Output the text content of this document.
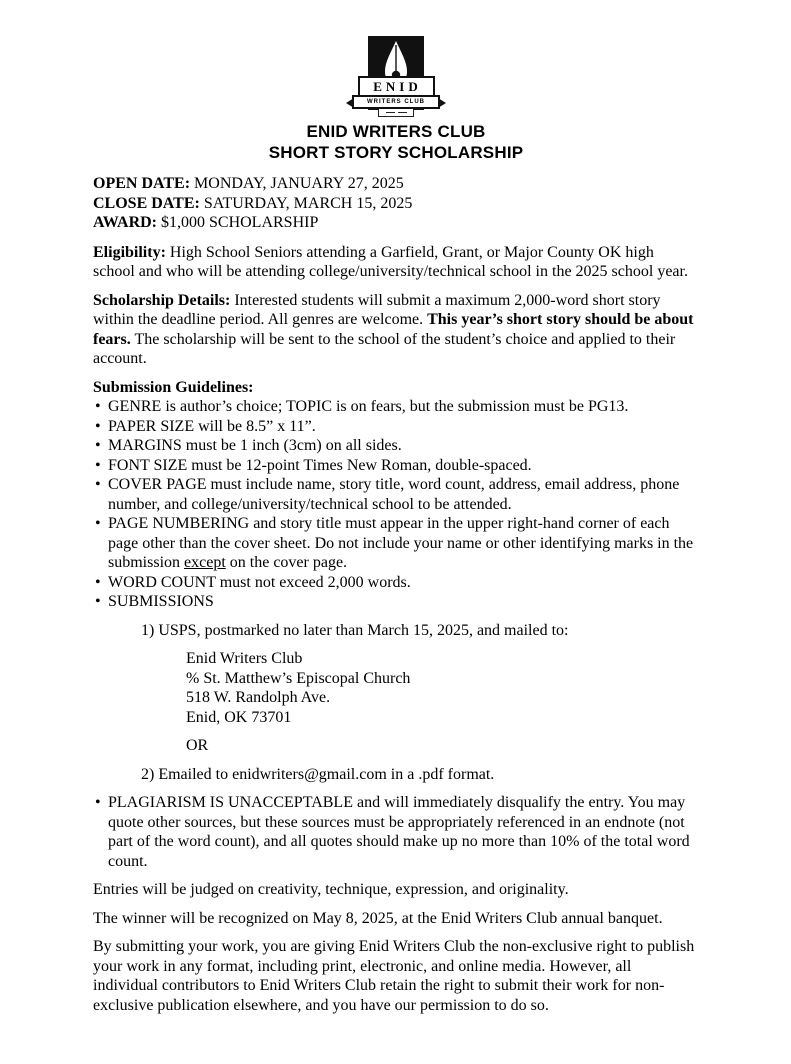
ENID
WRITERS CLUB
ENID WRITERS CLUB
SHORT STORY SCHOLARSHIP

OPEN DATE: MONDAY, JANUARY 27, 2025

CLOSE DATE: SATURDAY, MARCH 15, 2025

AWARD: $1,000 SCHOLARSHIP

Eligibility: High School Seniors attending a Garfield, Grant, or Major County OK high school and who will be attending college/university/technical school in the 2025 school year.

Scholarship Details: Interested students will submit a maximum 2,000-word short story within the deadline period. All genres are welcome. This year’s short story should be about fears. The scholarship will be sent to the school of the student’s choice and applied to their account.

Submission Guidelines:

• GENRE is author’s choice; TOPIC is on fears, but the submission must be PG13.
• PAPER SIZE will be 8.5” x 11”.
• MARGINS must be 1 inch (3cm) on all sides.
• FONT SIZE must be 12-point Times New Roman, double-spaced.
• COVER PAGE must include name, story title, word count, address, email address, phone number, and college/university/technical school to be attended.
• PAGE NUMBERING and story title must appear in the upper right-hand corner of each page other than the cover sheet. Do not include your name or other identifying marks in the submission except on the cover page.
• WORD COUNT must not exceed 2,000 words.
• SUBMISSIONS

1) USPS, postmarked no later than March 15, 2025, and mailed to:

Enid Writers Club
% St. Matthew’s Episcopal Church
518 W. Randolph Ave.
Enid, OK 73701

OR

2) Emailed to enidwriters@gmail.com in a .pdf format.

• PLAGIARISM IS UNACCEPTABLE and will immediately disqualify the entry. You may quote other sources, but these sources must be appropriately referenced in an endnote (not part of the word count), and all quotes should make up no more than 10% of the total word count.

Entries will be judged on creativity, technique, expression, and originality.

The winner will be recognized on May 8, 2025, at the Enid Writers Club annual banquet.

By submitting your work, you are giving Enid Writers Club the non-exclusive right to publish your work in any format, including print, electronic, and online media. However, all individual contributors to Enid Writers Club retain the right to submit their work for non-exclusive publication elsewhere, and you have our permission to do so.
